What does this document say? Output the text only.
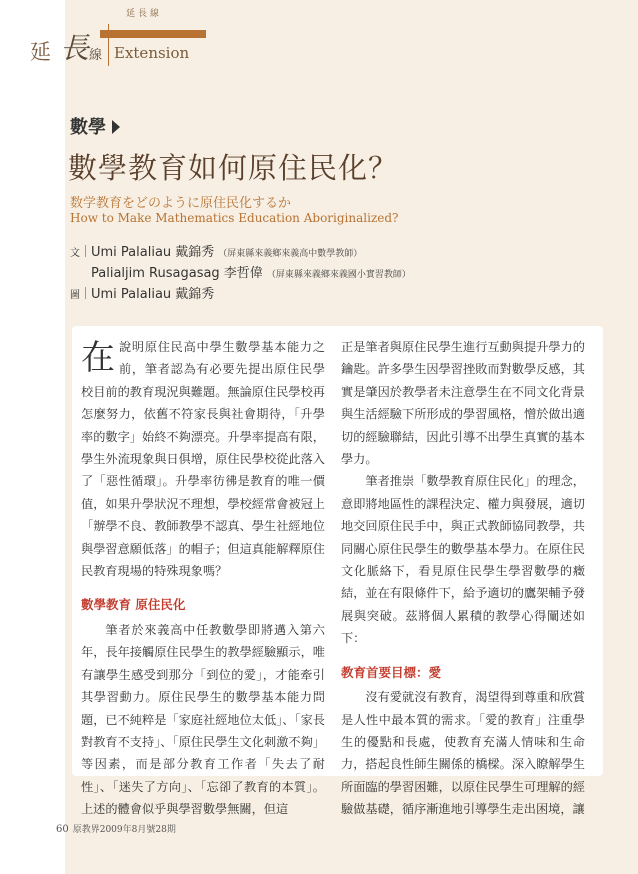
延長線
延 長 線 Extension
數學
數學教育如何原住民化？
数学教育をどのように原住民化するか
How to Make Mathematics Education Aboriginalized?
文 Umi Palaliau 戴錦秀 （屏東縣來義鄉來義高中數學教師）
Palialjim Rusagasag 李哲偉 （屏東縣來義鄉來義國小實習教師）
圖 Umi Palaliau 戴錦秀

在說明原住民高中學生數學基本能力之前，筆者認為有必要先提出原住民學校目前的教育現況與難題。無論原住民學校再怎麼努力，依舊不符家長與社會期待，「升學率的數字」始終不夠漂亮。升學率提高有限，學生外流現象與日俱增，原住民學校從此落入了「惡性循環」。升學率彷彿是教育的唯一價值，如果升學狀況不理想，學校經常會被冠上「辦學不良、教師教學不認真、學生社經地位與學習意願低落」的帽子；但這真能解釋原住民教育現場的特殊現象嗎？

數學教育 原住民化

筆者於來義高中任教數學即將邁入第六年，長年接觸原住民學生的教學經驗顯示，唯有讓學生感受到那分「到位的愛」，才能牽引其學習動力。原住民學生的數學基本能力問題，已不純粹是「家庭社經地位太低」、「家長對教育不支持」、「原住民學生文化刺激不夠」等因素，而是部分教育工作者「失去了耐性」、「迷失了方向」、「忘卻了教育的本質」。上述的體會似乎與學習數學無關，但這

正是筆者與原住民學生進行互動與提升學力的鑰匙。許多學生因學習挫敗而對數學反感，其實是肇因於教學者未注意學生在不同文化背景與生活經驗下所形成的學習風格，憎於做出適切的經驗聯結，因此引導不出學生真實的基本學力。

筆者推崇「數學教育原住民化」的理念，意即將地區性的課程決定、權力與發展，適切地交回原住民手中，與正式教師協同教學，共同關心原住民學生的數學基本學力。在原住民文化脈絡下，看見原住民學生學習數學的癥結，並在有限條件下，給予適切的鷹架輔予發展與突破。茲將個人累積的教學心得闡述如下：

教育首要目標：愛

沒有愛就沒有教育，渴望得到尊重和欣賞是人性中最本質的需求。「愛的教育」注重學生的優點和長處，使教育充滿人情味和生命力，搭起良性師生關係的橋樑。深入瞭解學生所面臨的學習困難，以原住民學生可理解的經驗做基礎，循序漸進地引導學生走出困境，讓

60 原教界2009年8月號28期
